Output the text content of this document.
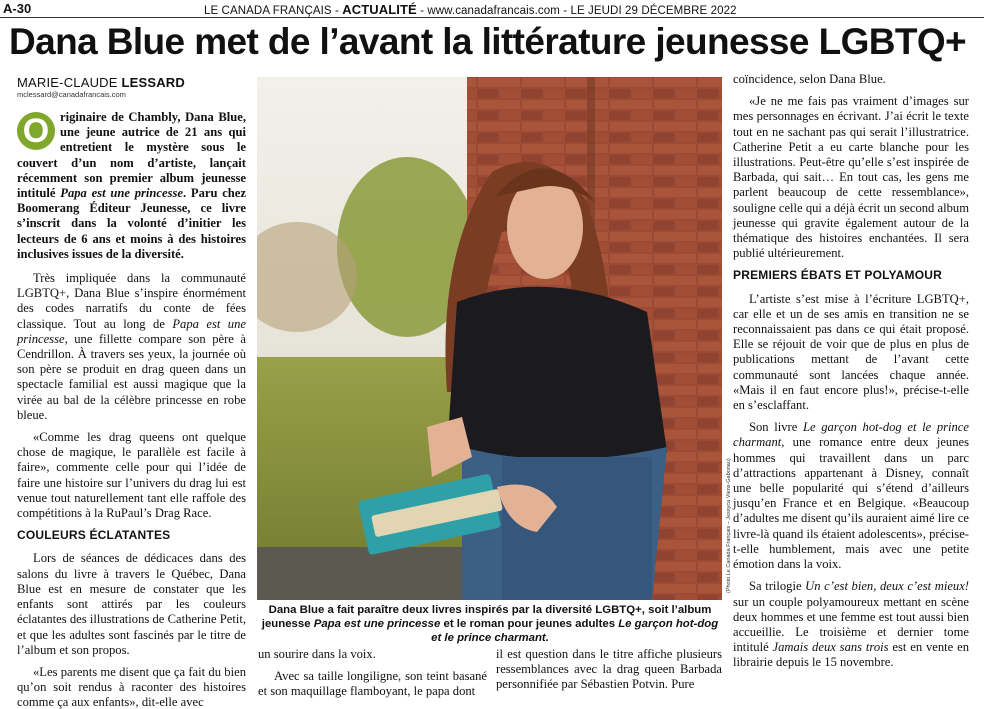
A-30	LE CANADA FRANÇAIS - ACTUALITÉ - www.canadafrancais.com - LE JEUDI 29 DÉCEMBRE 2022
Dana Blue met de l’avant la littérature jeunesse LGBTQ+
MARIE-CLAUDE LESSARD
mclessard@canadafrancais.com
O riginaire de Chambly, Dana Blue, une jeune autrice de 21 ans qui entretient le mystère sous le couvert d’un nom d’artiste, lançait récemment son premier album jeunesse intitulé Papa est une princesse. Paru chez Boomerang Éditeur Jeunesse, ce livre s’inscrit dans la volonté d’initier les lecteurs de 6 ans et moins à des histoires inclusives issues de la diversité.

Très impliquée dans la communauté LGBTQ+, Dana Blue s’inspire énormément des codes narratifs du conte de fées classique. Tout au long de Papa est une princesse, une fillette compare son père à Cendrillon. À travers ses yeux, la journée où son père se produit en drag queen dans un spectacle familial est aussi magique que la virée au bal de la célèbre princesse en robe bleue.

«Comme les drag queens ont quelque chose de magique, le parallèle est facile à faire», commente celle pour qui l’idée de faire une histoire sur l’univers du drag lui est venue tout naturellement tant elle raffole des compétitions à la RuPaul’s Drag Race.

COULEURS ÉCLATANTES

Lors de séances de dédicaces dans des salons du livre à travers le Québec, Dana Blue est en mesure de constater que les enfants sont attirés par les couleurs éclatantes des illustrations de Catherine Petit, et que les adultes sont fascinés par le titre de l’album et son propos.

«Les parents me disent que ça fait du bien qu’on soit rendus à raconter des histoires comme ça aux enfants», dit-elle avec

(Photo Le Canada Français – Jessyca Viens-Gaboriau)
Dana Blue a fait paraître deux livres inspirés par la diversité LGBTQ+, soit l’album jeunesse Papa est une princesse et le roman pour jeunes adultes Le garçon hot-dog et le prince charmant.

un sourire dans la voix.

Avec sa taille longiligne, son teint basané et son maquillage flamboyant, le papa dont

il est question dans le titre affiche plusieurs ressemblances avec la drag queen Barbada personnifiée par Sébastien Potvin. Pure

coïncidence, selon Dana Blue.

«Je ne me fais pas vraiment d’images sur mes personnages en écrivant. J’ai écrit le texte tout en ne sachant pas qui serait l’illustratrice. Catherine Petit a eu carte blanche pour les illustrations. Peut-être qu’elle s’est inspirée de Barbada, qui sait… En tout cas, les gens me parlent beaucoup de cette ressemblance», souligne celle qui a déjà écrit un second album jeunesse qui gravite également autour de la thématique des histoires enchantées. Il sera publié ultérieurement.

PREMIERS ÉBATS ET POLYAMOUR

L’artiste s’est mise à l’écriture LGBTQ+, car elle et un de ses amis en transition ne se reconnaissaient pas dans ce qui était proposé. Elle se réjouit de voir que de plus en plus de publications mettant de l’avant cette communauté sont lancées chaque année. «Mais il en faut encore plus!», précise-t-elle en s’esclaffant.

Son livre Le garçon hot-dog et le prince charmant, une romance entre deux jeunes hommes qui travaillent dans un parc d’attractions appartenant à Disney, connaît une belle popularité qui s’étend d’ailleurs jusqu’en France et en Belgique. «Beaucoup d’adultes me disent qu’ils auraient aimé lire ce livre-là quand ils étaient adolescents», précise-t-elle humblement, mais avec une petite émotion dans la voix.

Sa trilogie Un c’est bien, deux c’est mieux! sur un couple polyamoureux mettant en scène deux hommes et une femme est tout aussi bien accueillie. Le troisième et dernier tome intitulé Jamais deux sans trois est en vente en librairie depuis le 15 novembre.
